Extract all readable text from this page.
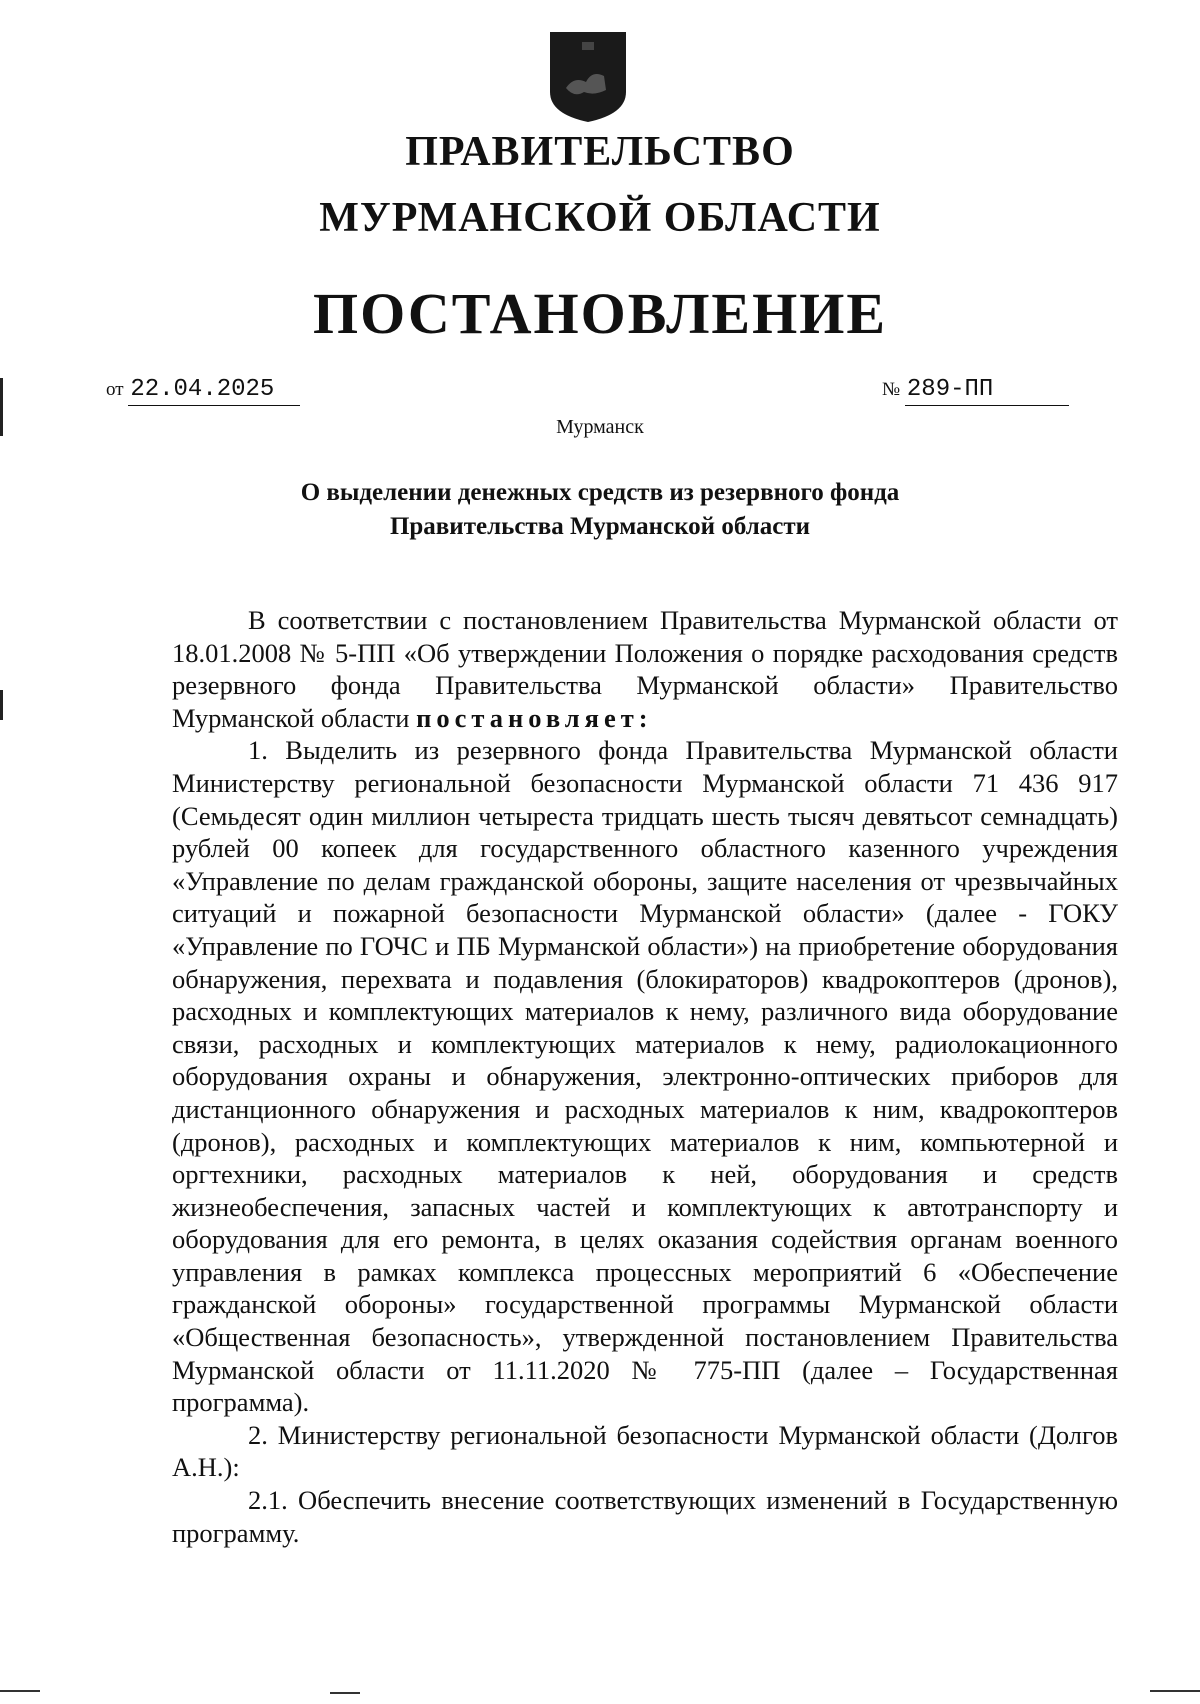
ПРАВИТЕЛЬСТВО
МУРМАНСКОЙ ОБЛАСТИ
ПОСТАНОВЛЕНИЕ
от 22.04.2025	№ 289-ПП
Мурманск
О выделении денежных средств из резервного фонда
Правительства Мурманской области

В соответствии с постановлением Правительства Мурманской области от 18.01.2008 № 5-ПП «Об утверждении Положения о порядке расходования средств резервного фонда Правительства Мурманской области» Правительство Мурманской области постановляет:

1. Выделить из резервного фонда Правительства Мурманской области Министерству региональной безопасности Мурманской области 71 436 917 (Семьдесят один миллион четыреста тридцать шесть тысяч девятьсот семнадцать) рублей 00 копеек для государственного областного казенного учреждения «Управление по делам гражданской обороны, защите населения от чрезвычайных ситуаций и пожарной безопасности Мурманской области» (далее - ГОКУ «Управление по ГОЧС и ПБ Мурманской области») на приобретение оборудования обнаружения, перехвата и подавления (блокираторов) квадрокоптеров (дронов), расходных и комплектующих материалов к нему, различного вида оборудование связи, расходных и комплектующих материалов к нему, радиолокационного оборудования охраны и обнаружения, электронно-оптических приборов для дистанционного обнаружения и расходных материалов к ним, квадрокоптеров (дронов), расходных и комплектующих материалов к ним, компьютерной и оргтехники, расходных материалов к ней, оборудования и средств жизнеобеспечения, запасных частей и комплектующих к автотранспорту и оборудования для его ремонта, в целях оказания содействия органам военного управления в рамках комплекса процессных мероприятий 6 «Обеспечение гражданской обороны» государственной программы Мурманской области «Общественная безопасность», утвержденной постановлением Правительства Мурманской области от 11.11.2020 № 775-ПП (далее – Государственная программа).

2. Министерству региональной безопасности Мурманской области (Долгов А.Н.):

2.1. Обеспечить внесение соответствующих изменений в Государственную программу.
